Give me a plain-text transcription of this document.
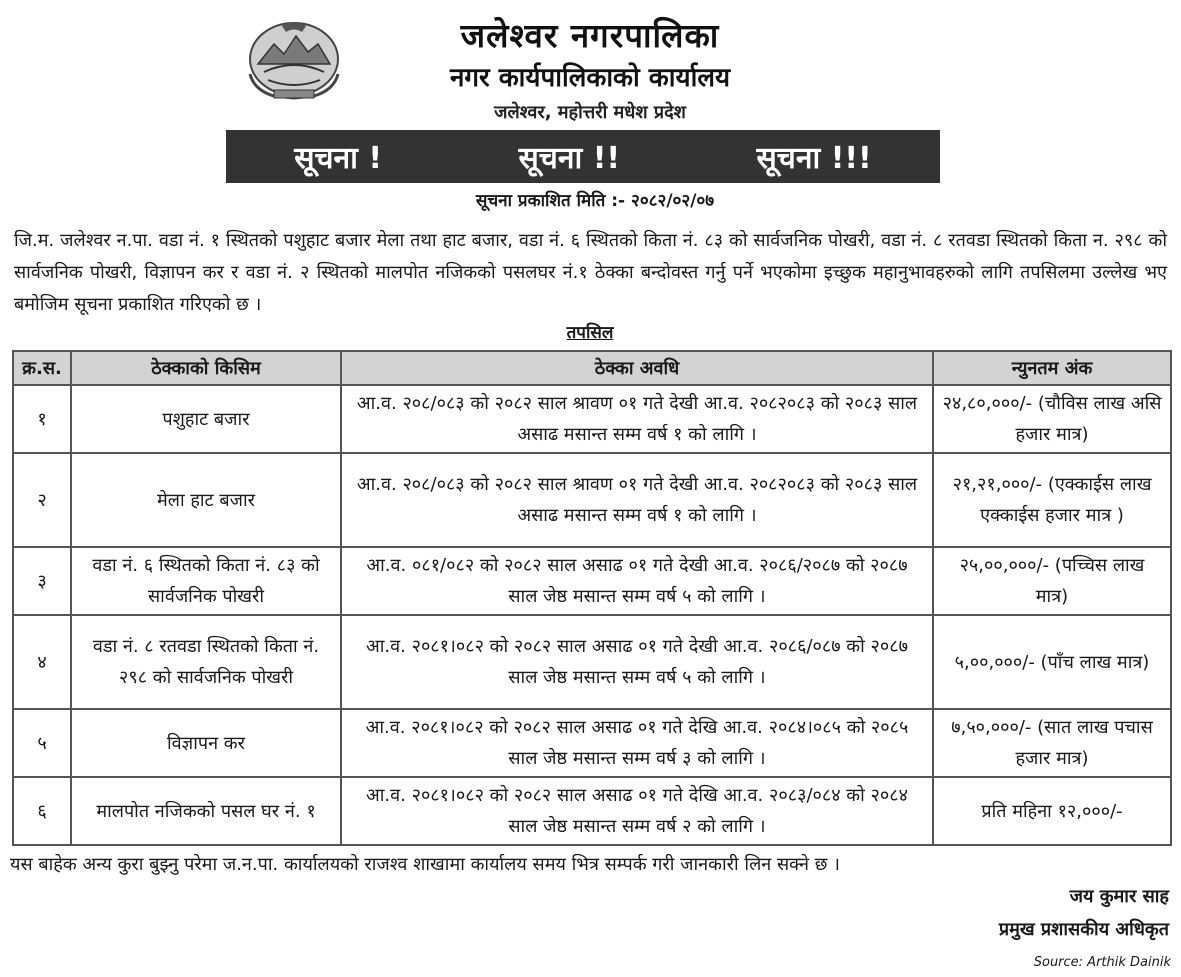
जलेश्वर नगरपालिका
नगर कार्यपालिकाको कार्यालय
जलेश्वर, महोत्तरी मधेश प्रदेश
सूचना !	सूचना !!	सूचना !!!
सूचना प्रकाशित मिति :- २०८२/०२/०७
जि.म. जलेश्वर न.पा. वडा नं. १ स्थितको पशुहाट बजार मेला तथा हाट बजार, वडा नं. ६ स्थितको किता नं. ८३ को सार्वजनिक पोखरी, वडा नं. ८ रतवडा स्थितको किता न. २९८ को सार्वजनिक पोखरी, विज्ञापन कर र वडा नं. २ स्थितको मालपोत नजिकको पसलघर नं.१ ठेक्का बन्दोवस्त गर्नु पर्ने भएकोमा इच्छुक महानुभावहरुको लागि तपसिलमा उल्लेख भए बमोजिम सूचना प्रकाशित गरिएको छ ।
तपसिल
क्र.स.	ठेक्काको किसिम	ठेक्का अवधि	न्युनतम अंक
१	पशुहाट बजार	आ.व. २०८/०८३ को २०८२ साल श्रावण ०१ गते देखी आ.व. २०८२०८३ को २०८३ साल असाढ मसान्त सम्म वर्ष १ को लागि ।	२४,८०,०००/- (चौविस लाख असि हजार मात्र)
२	मेला हाट बजार	आ.व. २०८/०८३ को २०८२ साल श्रावण ०१ गते देखी आ.व. २०८२०८३ को २०८३ साल असाढ मसान्त सम्म वर्ष १ को लागि ।	२१,२१,०००/- (एक्काईस लाख एक्काईस हजार मात्र )
३	वडा नं. ६ स्थितको किता नं. ८३ को सार्वजनिक पोखरी	आ.व. ०८१/०८२ को २०८२ साल असाढ ०१ गते देखी आ.व. २०८६/२०८७ को २०८७ साल जेष्ठ मसान्त सम्म वर्ष ५ को लागि ।	२५,००,०००/- (पच्चिस लाख मात्र)
४	वडा नं. ८ रतवडा स्थितको किता नं. २९८ को सार्वजनिक पोखरी	आ.व. २०८१।०८२ को २०८२ साल असाढ ०१ गते देखी आ.व. २०८६/०८७ को २०८७ साल जेष्ठ मसान्त सम्म वर्ष ५ को लागि ।	५,००,०००/- (पाँच लाख मात्र)
५	विज्ञापन कर	आ.व. २०८१।०८२ को २०८२ साल असाढ ०१ गते देखि आ.व. २०८४।०८५ को २०८५ साल जेष्ठ मसान्त सम्म वर्ष ३ को लागि ।	७,५०,०००/- (सात लाख पचास हजार मात्र)
६	मालपोत नजिकको पसल घर नं. १	आ.व. २०८१।०८२ को २०८२ साल असाढ ०१ गते देखि आ.व. २०८३/०८४ को २०८४ साल जेष्ठ मसान्त सम्म वर्ष २ को लागि ।	प्रति महिना १२,०००/-
यस बाहेक अन्य कुरा बुझ्नु परेमा ज.न.पा. कार्यालयको राजश्व शाखामा कार्यालय समय भित्र सम्पर्क गरी जानकारी लिन सक्ने छ ।
जय कुमार साह
प्रमुख प्रशासकीय अधिकृत
Source: Arthik Dainik
